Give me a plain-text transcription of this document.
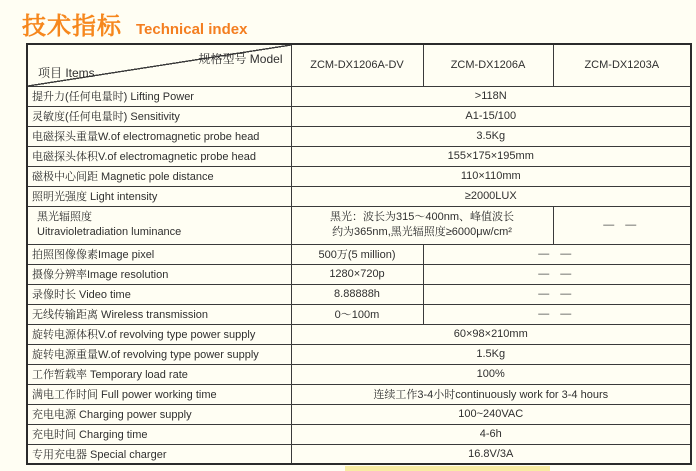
技术指标 Technical index
规格型号 Model
项目 Items	ZCM-DX1206A-DV	ZCM-DX1206A	ZCM-DX1203A
提升力(任何电量时) Lifting Power	>118N		
灵敏度(任何电量时) Sensitivity	A1-15/100		
电磁探头重量W.of electromagnetic probe head	3.5Kg		
电磁探头体积V.of electromagnetic probe head	155×175×195mm		
磁极中心间距 Magnetic pole distance	110×110mm		
照明光强度 Light intensity	≥2000LUX		
黑光辐照度
Uitravioletradiation luminance	黑光：波长为315～400nm、峰值波长
约为365nm,黑光辐照度≥6000μw/cm²		— —
拍照图像像素Image pixel	500万(5 million)	— —	
摄像分辨率Image resolution	1280×720p	— —	
录像时长 Video time	8.88888h	— —	
无线传输距离 Wireless transmission	0～100m	— —	
旋转电源体积V.of revolving type power supply	60×98×210mm		
旋转电源重量W.of revolving type power supply	1.5Kg		
工作暂载率 Temporary load rate	100%		
满电工作时间 Full power working time	连续工作3-4小时continuously work for 3-4 hours		
充电电源 Charging power supply	100~240VAC		
充电时间 Charging time	4-6h		
专用充电器 Special charger	16.8V/3A		
